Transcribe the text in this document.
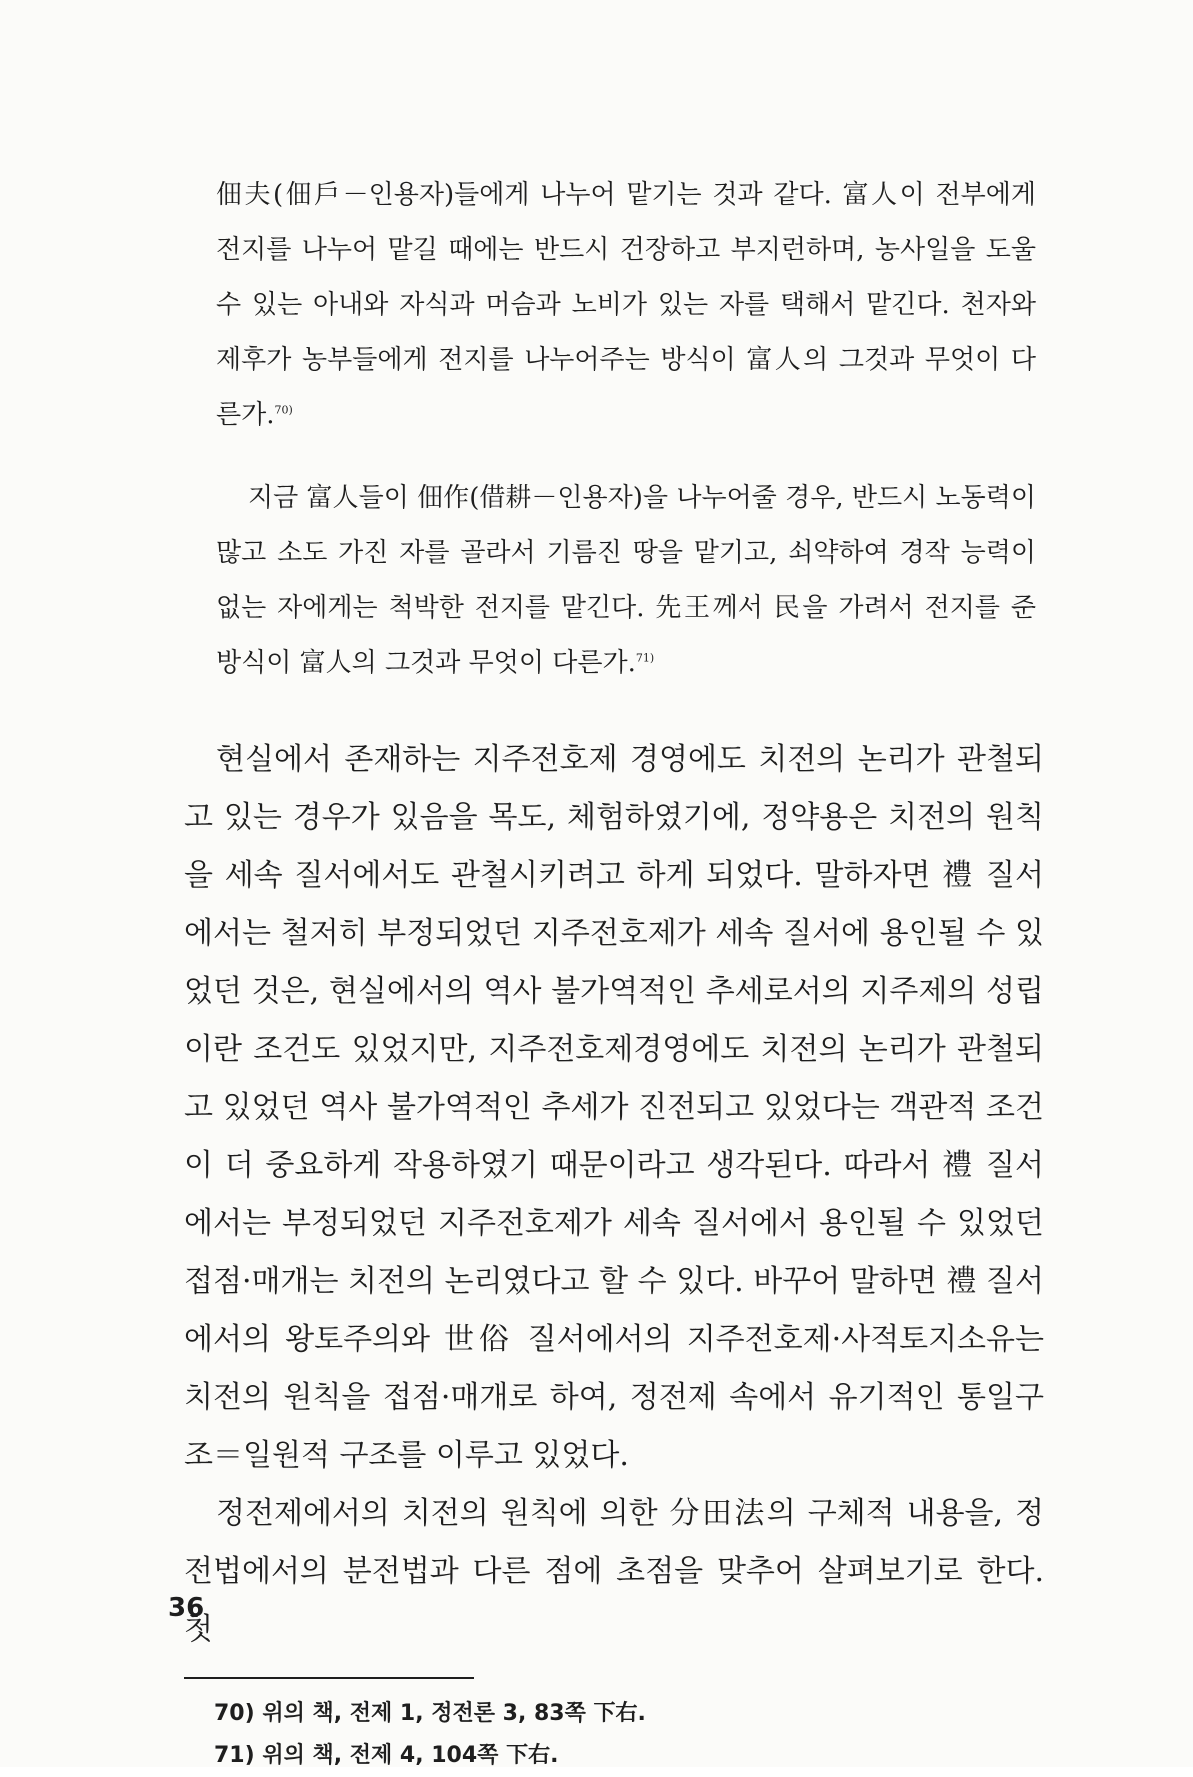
佃夫(佃戶－인용자)들에게 나누어 맡기는 것과 같다. 富人이 전부에게 전지를 나누어 맡길 때에는 반드시 건장하고 부지런하며, 농사일을 도울 수 있는 아내와 자식과 머슴과 노비가 있는 자를 택해서 맡긴다. 천자와 제후가 농부들에게 전지를 나누어주는 방식이 富人의 그것과 무엇이 다른가.$^{70)}$

지금 富人들이 佃作(借耕－인용자)을 나누어줄 경우, 반드시 노동력이 많고 소도 가진 자를 골라서 기름진 땅을 맡기고, 쇠약하여 경작 능력이 없는 자에게는 척박한 전지를 맡긴다. 先王께서 民을 가려서 전지를 준 방식이 富人의 그것과 무엇이 다른가.$^{71)}$

현실에서 존재하는 지주전호제 경영에도 치전의 논리가 관철되고 있는 경우가 있음을 목도, 체험하였기에, 정약용은 치전의 원칙을 세속 질서에서도 관철시키려고 하게 되었다. 말하자면 禮 질서에서는 철저히 부정되었던 지주전호제가 세속 질서에 용인될 수 있었던 것은, 현실에서의 역사 불가역적인 추세로서의 지주제의 성립이란 조건도 있었지만, 지주전호제경영에도 치전의 논리가 관철되고 있었던 역사 불가역적인 추세가 진전되고 있었다는 객관적 조건이 더 중요하게 작용하였기 때문이라고 생각된다. 따라서 禮 질서에서는 부정되었던 지주전호제가 세속 질서에서 용인될 수 있었던 접점·매개는 치전의 논리였다고 할 수 있다. 바꾸어 말하면 禮 질서에서의 왕토주의와 世俗 질서에서의 지주전호제·사적토지소유는 치전의 원칙을 접점·매개로 하여, 정전제 속에서 유기적인 통일구조＝일원적 구조를 이루고 있었다.

정전제에서의 치전의 원칙에 의한 分田法의 구체적 내용을, 정전법에서의 분전법과 다른 점에 초점을 맞추어 살펴보기로 한다. 첫

70) 위의 책, 전제 1, 정전론 3, 83쪽 下右.
71) 위의 책, 전제 4, 104쪽 下右.
36
